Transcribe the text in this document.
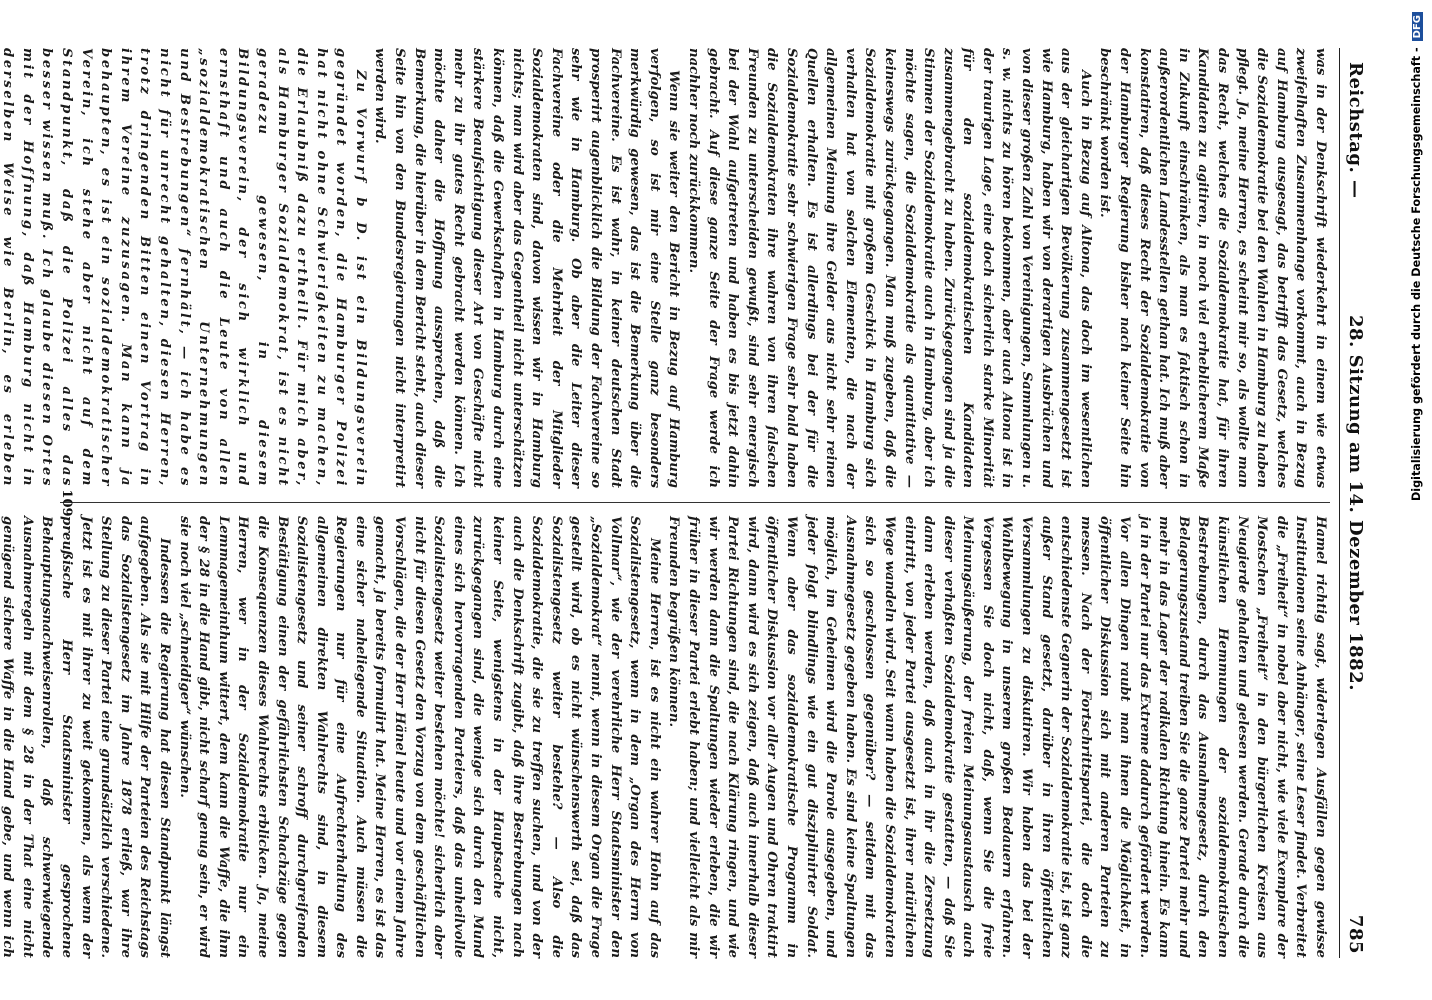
Reichstag. —
28. Sitzung am 14. Dezember 1882.
785

was in der Denkschrift wiederkehrt in einem wie etwas zweifelhaften Zusammenhange vorkommt, auch in Bezug auf Hamburg ausgesagt, das betrifft das Gesetz, welches die Sozialdemokratie bei den Wahlen in Hamburg zu haben pflegt. Ja, meine Herren, es scheint mir so, als wollte man das Recht, welches die Sozialdemokratie hat, für ihren Kandidaten zu agitiren, in noch viel erheblicherem Maße in Zukunft einschränken, als man es faktisch schon in außerordentlichen Landesstellen gethan hat. Ich muß aber konstatiren, daß dieses Recht der Sozialdemokratie von der Hamburger Regierung bisher nach keiner Seite hin beschränkt worden ist.

Auch in Bezug auf Altona, das doch im wesentlichen aus der gleichartigen Bevölkerung zusammengesetzt ist wie Hamburg, haben wir von derartigen Ausbrüchen und von dieser großen Zahl von Vereinigungen, Sammlungen u. s. w. nichts zu hören bekommen, aber auch Altona ist in der traurigen Lage, eine doch sicherlich starke Minorität für den sozialdemokratischen Kandidaten zusammengebracht zu haben. Zurückgegangen sind ja die Stimmen der Sozialdemokratie auch in Hamburg, aber ich möchte sagen, die Sozialdemokratie als quantitative — keineswegs zurückgegangen. Man muß zugeben, daß die Sozialdemokratie mit großem Geschick in Hamburg sich verhalten hat von solchen Elementen, die nach der allgemeinen Meinung ihre Gelder aus nicht sehr reinen Quellen erhalten. Es ist allerdings bei der für die Sozialdemokratie sehr schwierigen Frage sehr bald haben die Sozialdemokraten ihre wahren von ihren falschen Freunden zu unterscheiden gewußt, sind sehr energisch bei der Wahl aufgetreten und haben es bis jetzt dahin gebracht. Auf diese ganze Seite der Frage werde ich nachher noch zurückkommen.

Wenn sie weiter den Bericht in Bezug auf Hamburg verfolgen, so ist mir eine Stelle ganz besonders merkwürdig gewesen, das ist die Bemerkung über die Fachvereine. Es ist wahr, in keiner deutschen Stadt prosperirt augenblicklich die Bildung der Fachvereine so sehr wie in Hamburg. Ob aber die Leiter dieser Fachvereine oder die Mehrheit der Mitglieder Sozialdemokraten sind, davon wissen wir in Hamburg nichts; man wird aber das Gegentheil nicht unterschätzen können, daß die Gewerkschaften in Hamburg durch eine stärkere Beaufsichtigung dieser Art von Geschäfte nicht mehr zu ihr gutes Recht gebracht werden können. Ich möchte daher die Hoffnung aussprechen, daß die Bemerkung, die hierüber in dem Bericht steht, auch dieser Seite hin von den Bundesregierungen nicht interpretirt werden wird.

Zu Vorwurf b D. ist ein Bildungsverein gegründet worden, die Hamburger Polizei hat nicht ohne Schwierigkeiten zu machen, die Erlaubniß dazu ertheilt. Für mich aber, als Hamburger Sozialdemokrat, ist es nicht geradezu gewesen, in diesem Bildungsverein, der sich wirklich und ernsthaft und auch die Leute von allen „sozialdemokratischen Unternehmungen und Bestrebungen“ fernhält, — ich habe es nicht für unrecht gehalten, diesen Herren, trotz dringenden Bitten einen Vortrag in ihrem Vereine zuzusagen. Man kann ja behaupten, es ist ein sozialdemokratischer Verein, ich stehe aber nicht auf dem Standpunkt, daß die Polizei alles das besser wissen muß. Ich glaube diesen Ortes mit der Hoffnung, daß Hamburg nicht in derselben Weise wie Berlin, es erleben

Hamel richtig sagt, widerlegen Ausfällen gegen gewisse Institutionen seine Anhänger, seine Leser findet. Verbreitet die „Freiheit“ in nobel aber nicht, wie viele Exemplare der Mostschen „Freiheit“ in den bürgerlichen Kreisen aus Neugierde gehalten und gelesen werden. Gerade durch die künstlichen Hemmungen der sozialdemokratischen Bestrebungen, durch das Ausnahmegesetz, durch den Belagerungszustand treiben Sie die ganze Partei mehr und mehr in das Lager der radikalen Richtung hinein. Es kann ja in der Partei nur das Extreme dadurch gefördert werden. Vor allen Dingen raubt man ihnen die Möglichkeit, in öffentlicher Diskussion sich mit anderen Parteien zu messen. Nach der Fortschrittspartei, die doch die entschiedenste Gegnerin der Sozialdemokratie ist, ist ganz außer Stand gesetzt, darüber in ihren öffentlichen Versammlungen zu diskutiren. Wir haben das bei der Wahlbewegung in unserem großen Bedauern erfahren. Vergessen Sie doch nicht, daß, wenn Sie die freie Meinungsäußerung, der freien Meinungsaustausch auch dieser verhaßten Sozialdemokratie gestatten, — daß Sie dann erleben werden, daß auch in ihr die Zersetzung eintritt, von jeder Partei ausgesetzt ist, ihrer natürlichen Wege wandeln wird. Seit wann haben die Sozialdemokraten sich so geschlossen gegenüber? — seitdem mit das Ausnahmegesetz gegeben haben. Es sind keine Spaltungen möglich, im Geheimen wird die Parole ausgegeben, und jeder folgt blindlings wie ein gut disziplinirter Soldat. Wenn aber das sozialdemokratische Programm in öffentlicher Diskussion vor aller Augen und Ohren traktirt wird, dann wird es sich zeigen, daß auch innerhalb dieser Partei Richtungen sind, die nach Klärung ringen, und wie wir werden dann die Spaltungen wieder erleben, die wir früher in dieser Partei erlebt haben; und vielleicht als mir Freunden begrüßen können.

Meine Herren, ist es nicht ein wahrer Hohn auf das Sozialistengesetz, wenn in dem „Organ des Herrn von Vollmar“, wie der verehrliche Herr Staatsminister den „Sozialdemokrat“ nennt, wenn in diesem Organ die Frage gestellt wird, ob es nicht wünschenswerth sei, daß das Sozialistengesetz weiter bestehe? — Also die Sozialdemokratie, die sie zu treffen suchen, und von der auch die Denkschrift zugibt, daß ihre Bestrebungen nach keiner Seite, wenigstens in der Hauptsache nicht, zurückgegangen sind, die wenige sich durch den Mund eines sich hervorragenden Parteiers, daß das unheilvolle Sozialistengesetz weiter bestehen möchte! sicherlich aber nicht für diesen Gesetz den Vorzug von dem geschäftlichen Vorschlägen, die der Herr Hänel heute und vor einem Jahre gemacht, ja bereits formulirt hat. Meine Herren, es ist das eine sicher naheliegende Situation. Auch müssen die Regierungen nur für eine Aufrechterhaltung des allgemeinen direkten Wahlrechts sind, in diesem Sozialistengesetz und seiner schroff durchgreifenden Bestätigung einen der gefährlichsten Schachzüge gegen die Konsequenzen dieses Wahlrechts erblicken. Ja, meine Herren, wer in der Sozialdemokratie nur ein Lemmagemeinthum wittert, dem kann die Waffe, die ihm der § 28 in die Hand gibt, nicht scharf genug sein, er wird sie noch viel „schneidiger“ wünschen.

Indessen die Regierung hat diesen Standpunkt längst aufgegeben. Als sie mit Hilfe der Parteien des Reichstags das Sozialistengesetz im Jahre 1878 erließ, war ihre Stellung zu dieser Partei eine grundsätzlich verschiedene. Jetzt ist es mit ihrer zu weit gekommen, als wenn der preußische Herr Staatsminister gesprochene Behauptungsnachweisenrollen, daß schwerwiegende Ausnahmeregeln mit dem § 28 in der That eine nicht genügend sichere Waffe in die Hand gebe, und wenn ich

109
Digitalisierung gefördert durch die Deutsche Forschungsgemeinschaft -DFG
